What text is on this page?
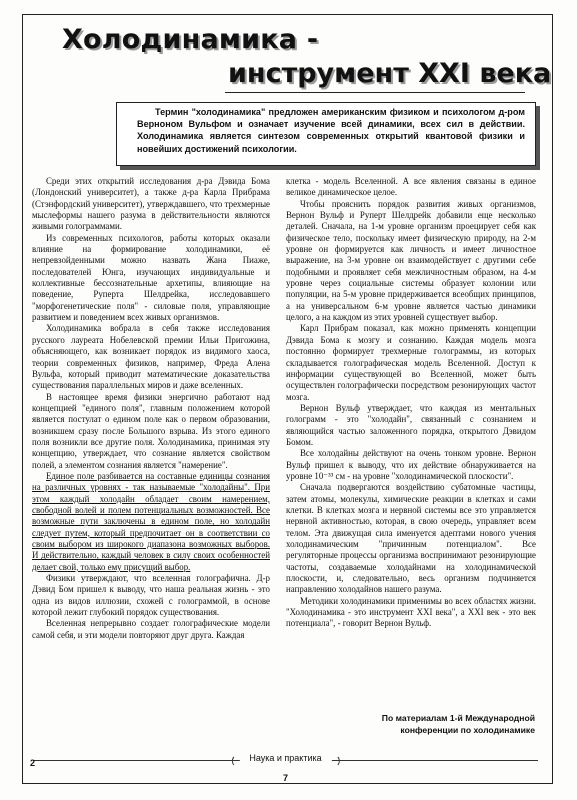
Холодинамика -
инструмент XXI века
Термин "холодинамика" предложен американским физиком и психологом д-ром Верноном Вульфом и означает изучение всей динамики, всех сил в действии. Холодинамика является синтезом современных открытий квантовой физики и новейших достижений психологии.

Среди этих открытий исследования д-ра Дэвида Бома (Лондонский университет), а также д-ра Карла Прибрама (Стэнфордский университет), утверждавшего, что трехмерные мыслеформы нашего разума в действительности являются живыми голограммами.

Из современных психологов, работы которых оказали влияние на формирование холодинамики, её непревзойденными можно назвать Жана Пиаже, последователей Юнга, изучающих индивидуальные и коллективные бессознательные архетипы, влияющие на поведение, Руперта Шелдрейка, исследовавшего "морфогенетические поля" - силовые поля, управляющие развитием и поведением всех живых организмов.

Холодинамика вобрала в себя также исследования русского лауреата Нобелевской премии Ильи Пригожина, объясняющего, как возникает порядок из видимого хаоса, теории современных физиков, например, Фреда Алена Вульфа, который приводит математические доказательства существования параллельных миров и даже вселенных.

В настоящее время физики энергично работают над концепцией "единого поля", главным положением которой является постулат о едином поле как о первом образовании, возникшем сразу после Большого взрыва. Из этого единого поля возникли все другие поля. Холодинамика, принимая эту концепцию, утверждает, что сознание является свойством полей, а элементом сознания является "намерение".

Единое поле разбивается на составные единицы сознания на различных уровнях - так называемые "холодайны". При этом каждый холодайн обладает своим намерением, свободной волей и полем потенциальных возможностей. Все возможные пути заключены в едином поле, но холодайн следует путем, который предпочитает он в соответствии со своим выбором из широкого диапазона возможных выборов. И действительно, каждый человек в силу своих особенностей делает свой, только ему присущий выбор.

Физики утверждают, что вселенная голографична. Д-р Дэвид Бом пришел к выводу, что наша реальная жизнь - это одна из видов иллюзии, схожей с голограммой, в основе которой лежит глубокий порядок существования.

Вселенная непрерывно создает голографические модели самой себя, и эти модели повторяют друг друга. Каждая

клетка - модель Вселенной. А все явления связаны в единое великое динамическое целое.

Чтобы прояснить порядок развития живых организмов, Вернон Вульф и Руперт Шелдрейк добавили еще несколько деталей. Сначала, на 1-м уровне организм проецирует себя как физическое тело, поскольку имеет физическую природу, на 2-м уровне он формируется как личность и имеет личностное выражение, на 3-м уровне он взаимодействует с другими себе подобными и проявляет себя межличностным образом, на 4-м уровне через социальные системы образует колонии или популяции, на 5-м уровне придерживается всеобщих принципов, а на универсальном 6-м уровне является частью динамики целого, а на каждом из этих уровней существует выбор.

Карл Прибрам показал, как можно применять концепции Дэвида Бома к мозгу и сознанию. Каждая модель мозга постоянно формирует трехмерные голограммы, из которых складывается голографическая модель Вселенной. Доступ к информации существующей во Вселенной, может быть осуществлен голографически посредством резонирующих частот мозга.

Вернон Вульф утверждает, что каждая из ментальных голограмм - это "холодайн", связанный с сознанием и являющийся частью заложенного порядка, открытого Дэвидом Бомом.

Все холодайны действуют на очень тонком уровне. Вернон Вульф пришел к выводу, что их действие обнаруживается на уровне 10⁻³³ см - на уровне "холодинамической плоскости".

Сначала подвергаются воздействию субатомные частицы, затем атомы, молекулы, химические реакции в клетках и сами клетки. В клетках мозга и нервной системы все это управляется нервной активностью, которая, в свою очередь, управляет всем телом. Эта движущая сила именуется адептами нового учения холодинамическим "причинным потенциалом". Все регуляторные процессы организма воспринимают резонирующие частоты, создаваемые холодайнами на холодинамической плоскости, и, следовательно, весь организм подчиняется направлению холодайнов нашего разума.

Методики холодинамики применимы во всех областях жизни. "Холодинамика - это инструмент XXI века", а XXI век - это век потенциала", - говорит Вернон Вульф.

По материалам 1-й Международной конференции по холодинамике
Наука и практика
2
7
